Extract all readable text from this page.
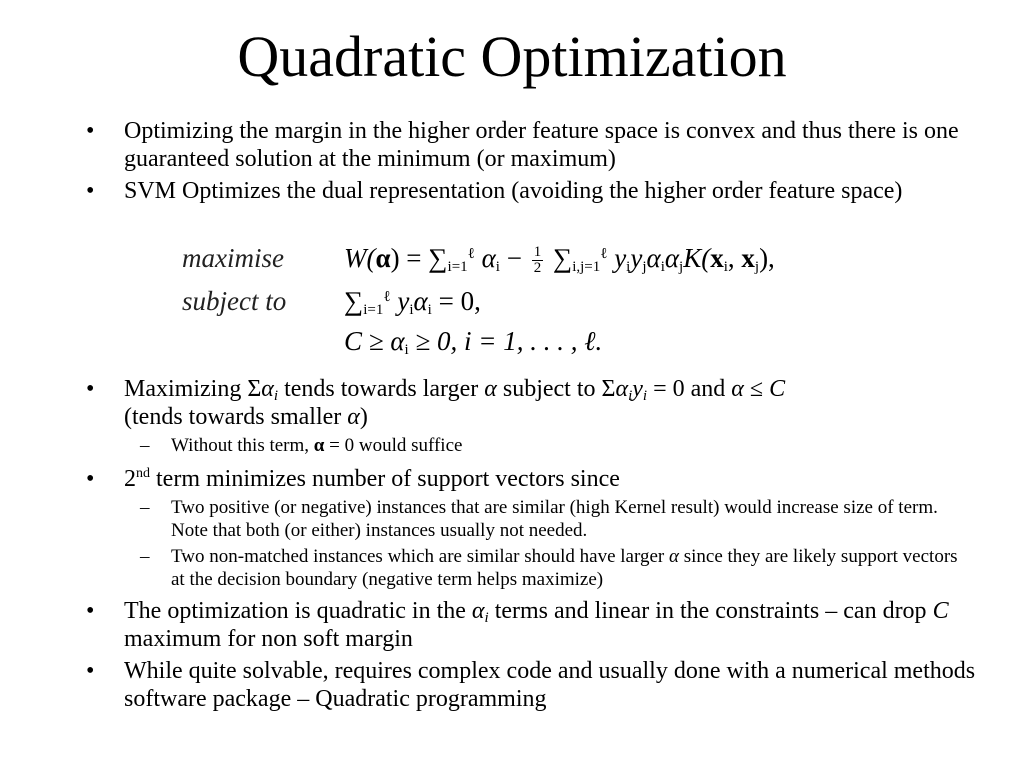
Quadratic Optimization
• Optimizing the margin in the higher order feature space is convex and thus there is one guaranteed solution at the minimum (or maximum)
• SVM Optimizes the dual representation (avoiding the higher order feature space)
maximise
subject to
$W(\alpha) = \sum_{i=1}^\ell$ $\alpha_i - \frac{1}{2} \sum_{i,j=1}^\ell$ $y_iy_j\alpha_i\alpha_jK(x_i$, $x_j$),
$\sum_{i=1}^\ell$ $y_i\alpha_i = 0$,
$C \ge \alpha_i \ge 0$, i = 1, . . . , ℓ.
• Maximizing $\Sigma\alpha_i$ tends towards larger α subject to $\Sigma\alpha_iy_i = 0$ and α ≤ C
(tends towards smaller α)
– Without this term, α = 0 would suffice
• 2nd term minimizes number of support vectors since
– Two positive (or negative) instances that are similar (high Kernel result) would increase size of term. Note that both (or either) instances usually not needed.
– Two non-matched instances which are similar should have larger α since they are likely support vectors at the decision boundary (negative term helps maximize)
• The optimization is quadratic in the $\alpha_i$ terms and linear in the constraints – can drop C maximum for non soft margin
• While quite solvable, requires complex code and usually done with a numerical methods software package – Quadratic programming
